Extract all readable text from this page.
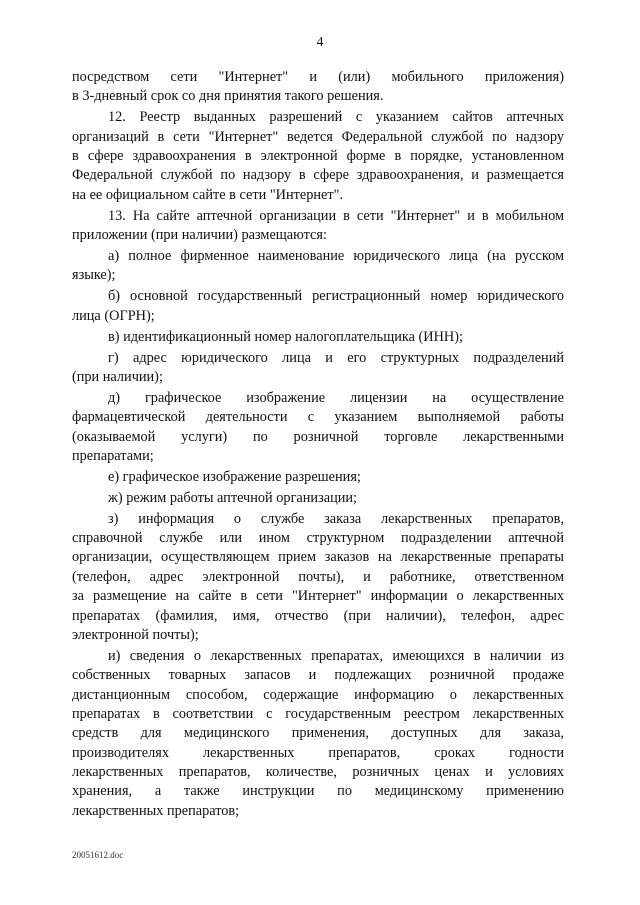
4
посредством сети "Интернет" и (или) мобильного приложения)
в 3-дневный срок со дня принятия такого решения.
12. Реестр выданных разрешений с указанием сайтов аптечных
организаций в сети "Интернет" ведется Федеральной службой по надзору
в сфере здравоохранения в электронной форме в порядке, установленном
Федеральной службой по надзору в сфере здравоохранения, и размещается
на ее официальном сайте в сети "Интернет".
13. На сайте аптечной организации в сети "Интернет" и в мобильном
приложении (при наличии) размещаются:
а) полное фирменное наименование юридического лица (на русском
языке);
б) основной государственный регистрационный номер юридического
лица (ОГРН);
в) идентификационный номер налогоплательщика (ИНН);
г) адрес юридического лица и его структурных подразделений
(при наличии);
д) графическое изображение лицензии на осуществление
фармацевтической деятельности с указанием выполняемой работы
(оказываемой услуги) по розничной торговле лекарственными
препаратами;
е) графическое изображение разрешения;
ж) режим работы аптечной организации;
з) информация о службе заказа лекарственных препаратов,
справочной службе или ином структурном подразделении аптечной
организации, осуществляющем прием заказов на лекарственные препараты
(телефон, адрес электронной почты), и работнике, ответственном
за размещение на сайте в сети "Интернет" информации о лекарственных
препаратах (фамилия, имя, отчество (при наличии), телефон, адрес
электронной почты);
и) сведения о лекарственных препаратах, имеющихся в наличии из
собственных товарных запасов и подлежащих розничной продаже
дистанционным способом, содержащие информацию о лекарственных
препаратах в соответствии с государственным реестром лекарственных
средств для медицинского применения, доступных для заказа,
производителях лекарственных препаратов, сроках годности
лекарственных препаратов, количестве, розничных ценах и условиях
хранения, а также инструкции по медицинскому применению
лекарственных препаратов;
20051612.doc
